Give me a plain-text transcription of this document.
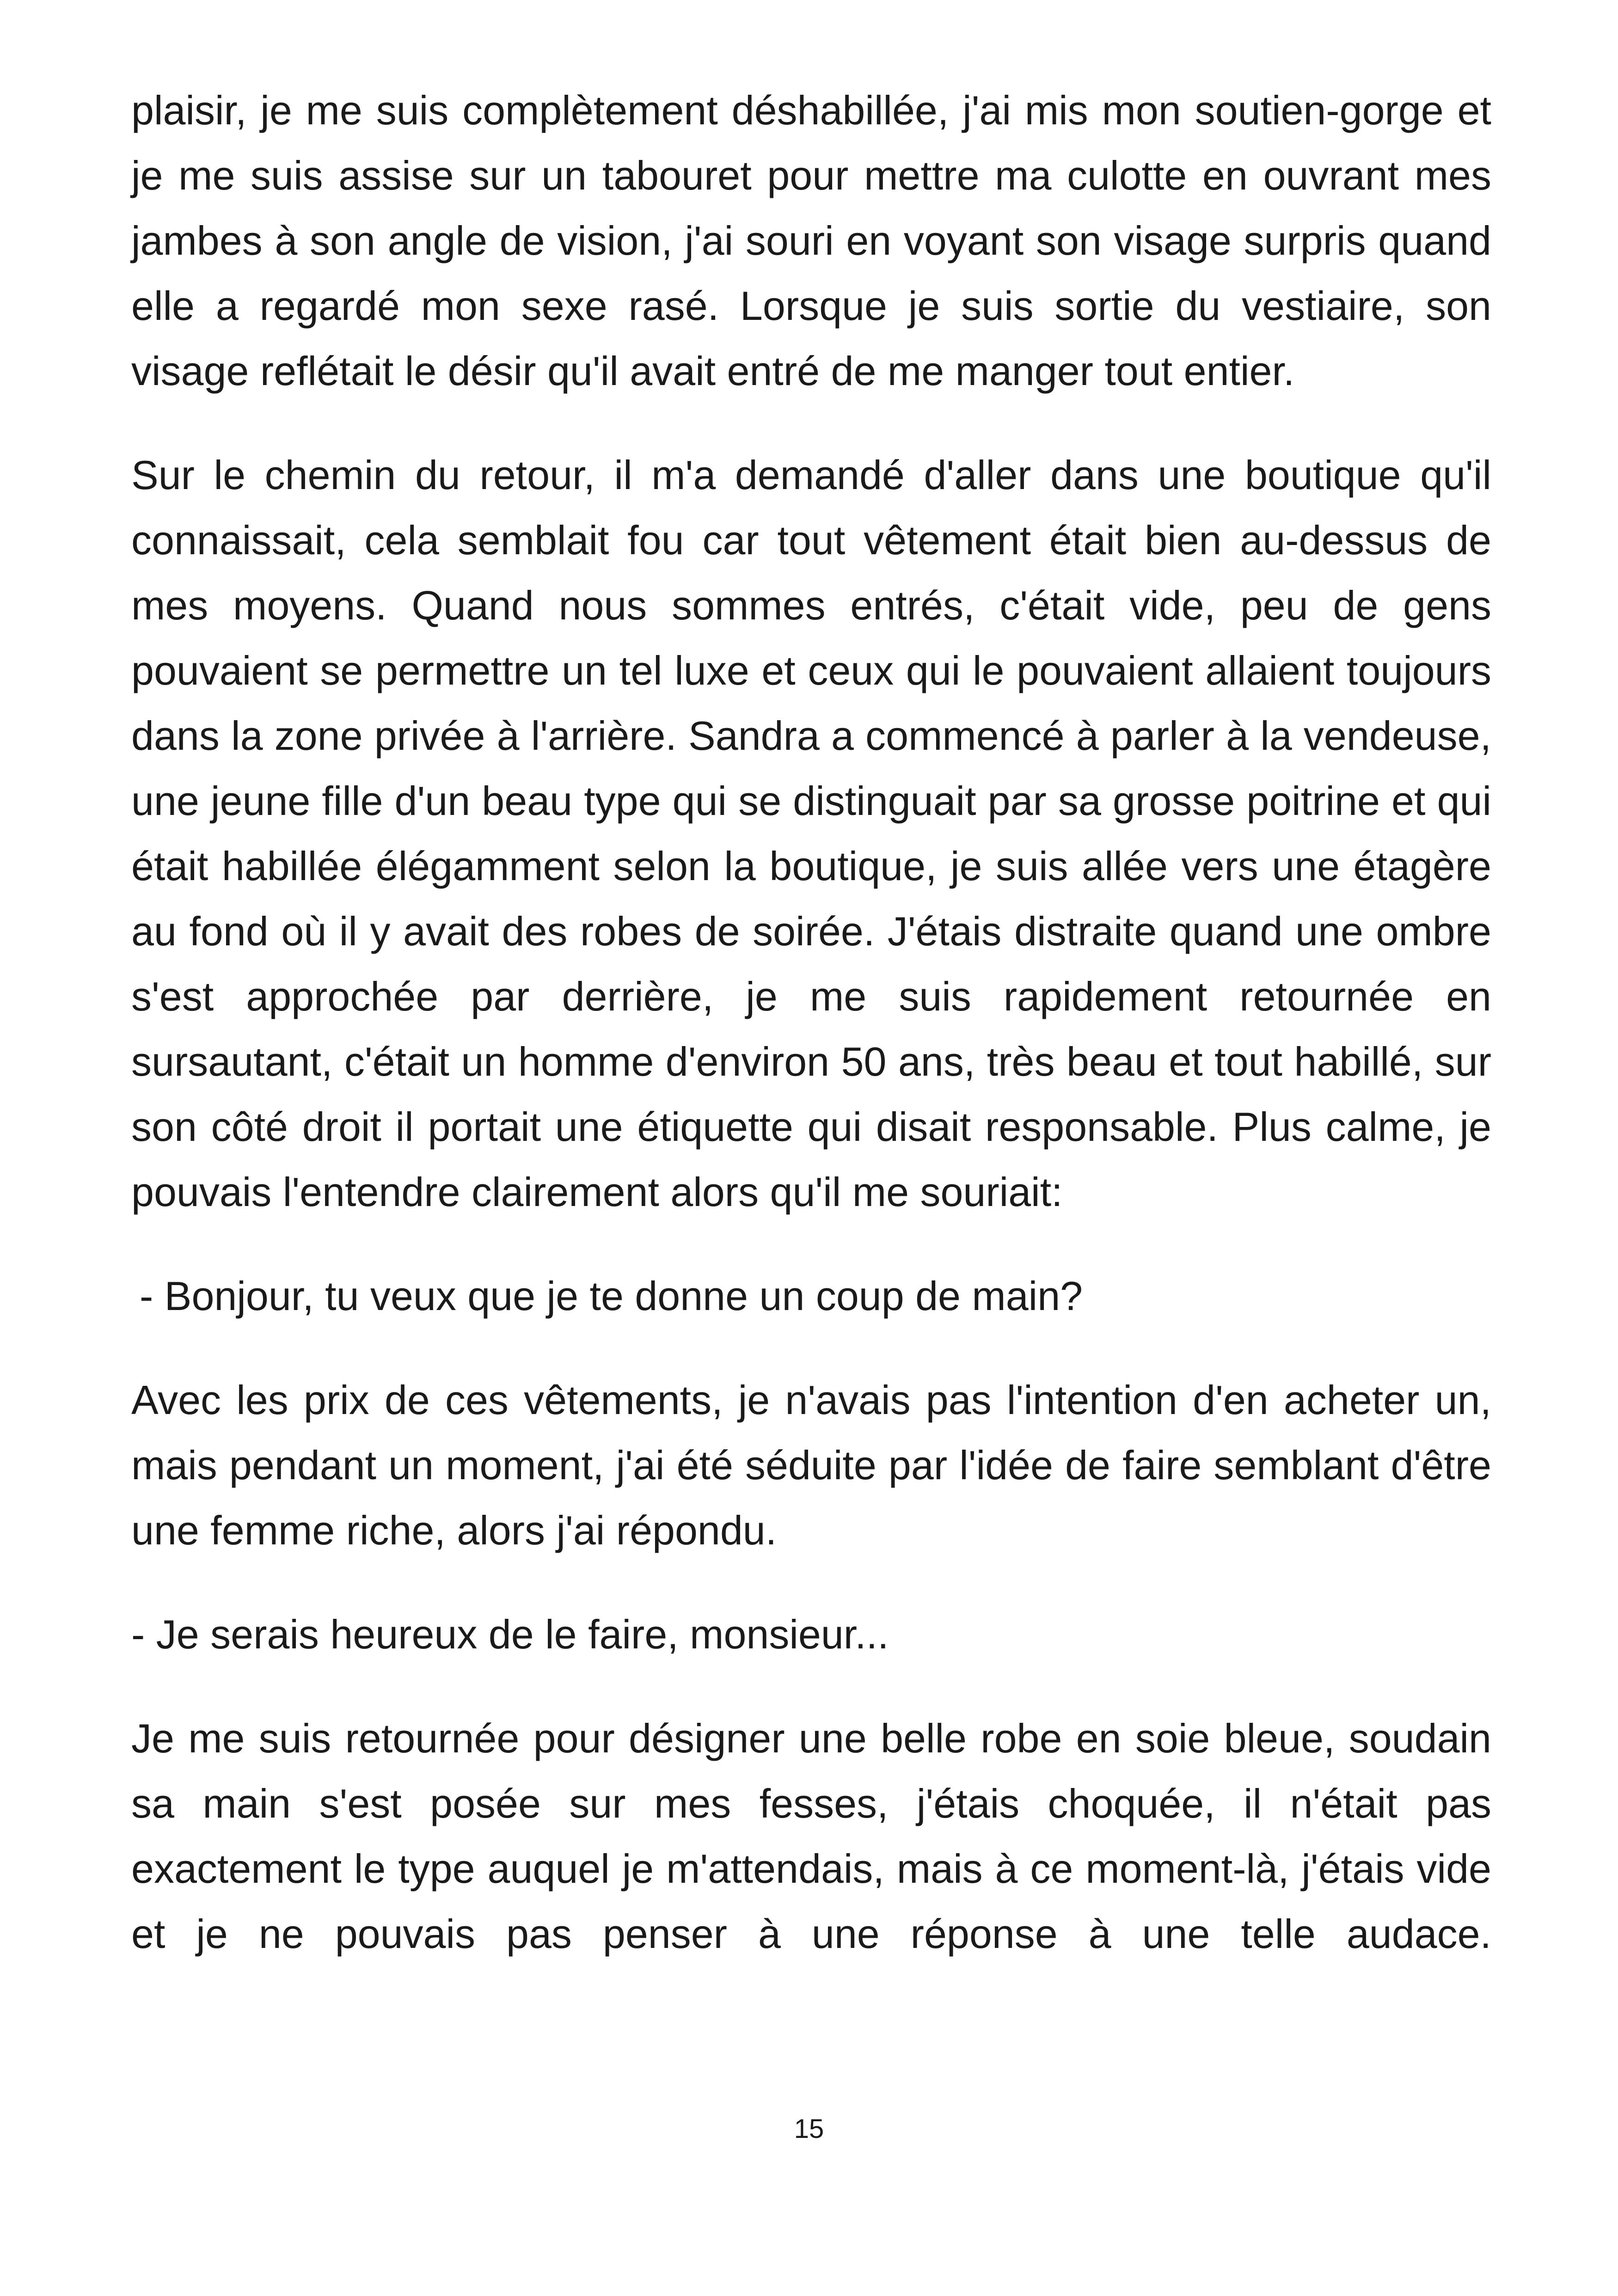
plaisir, je me suis complètement déshabillée, j'ai mis mon soutien-gorge et je me suis assise sur un tabouret pour mettre ma culotte en ouvrant mes jambes à son angle de vision, j'ai souri en voyant son visage surpris quand elle a regardé mon sexe rasé. Lorsque je suis sortie du vestiaire, son visage reflétait le désir qu'il avait entré de me manger tout entier.

Sur le chemin du retour, il m'a demandé d'aller dans une boutique qu'il connaissait, cela semblait fou car tout vêtement était bien au-dessus de mes moyens. Quand nous sommes entrés, c'était vide, peu de gens pouvaient se permettre un tel luxe et ceux qui le pouvaient allaient toujours dans la zone privée à l'arrière. Sandra a commencé à parler à la vendeuse, une jeune fille d'un beau type qui se distinguait par sa grosse poitrine et qui était habillée élégamment selon la boutique, je suis allée vers une étagère au fond où il y avait des robes de soirée. J'étais distraite quand une ombre s'est approchée par derrière, je me suis rapidement retournée en sursautant, c'était un homme d'environ 50 ans, très beau et tout habillé, sur son côté droit il portait une étiquette qui disait responsable. Plus calme, je pouvais l'entendre clairement alors qu'il me souriait:

- Bonjour, tu veux que je te donne un coup de main?

Avec les prix de ces vêtements, je n'avais pas l'intention d'en acheter un, mais pendant un moment, j'ai été séduite par l'idée de faire semblant d'être une femme riche, alors j'ai répondu.

- Je serais heureux de le faire, monsieur...

Je me suis retournée pour désigner une belle robe en soie bleue, soudain sa main s'est posée sur mes fesses, j'étais choquée, il n'était pas exactement le type auquel je m'attendais, mais à ce moment-là, j'étais vide et je ne pouvais pas penser à une réponse à une telle audace.

15
